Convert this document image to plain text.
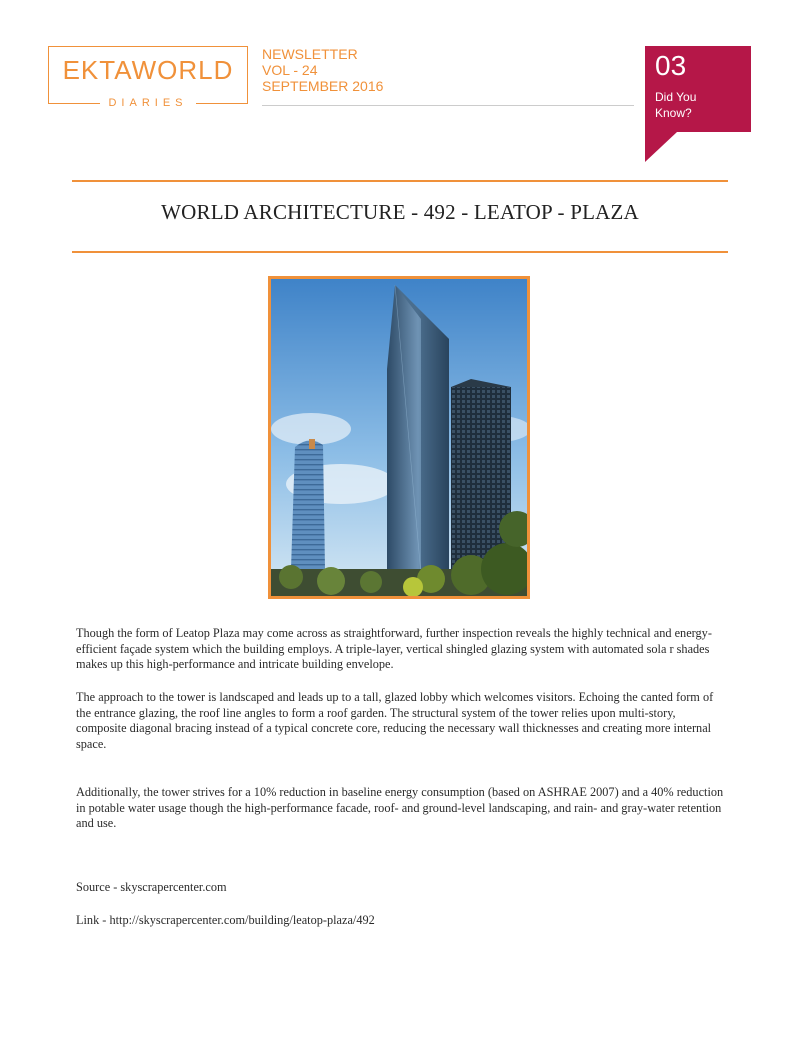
EKTAWORLD
DIARIES
NEWSLETTER
VOL - 24
SEPTEMBER 2016
03
Did You
Know?
WORLD ARCHITECTURE - 492 - LEATOP - PLAZA

Though the form of Leatop Plaza may come across as straightforward, further inspection reveals the highly technical and energy-efficient façade system which the building employs. A triple-layer, vertical shingled glazing system with automated sola r shades makes up this high-performance and intricate building envelope.

The approach to the tower is landscaped and leads up to a tall, glazed lobby which welcomes visitors. Echoing the canted form of the entrance glazing, the roof line angles to form a roof garden. The structural system of the tower relies upon multi-story, composite diagonal bracing instead of a typical concrete core, reducing the necessary wall thicknesses and creating more internal space.

Additionally, the tower strives for a 10% reduction in baseline energy consumption (based on ASHRAE 2007) and a 40% reduction in potable water usage though the high-performance facade, roof- and ground-level landscaping, and rain- and gray-water retention and use.

Source - skyscrapercenter.com

Link - http://skyscrapercenter.com/building/leatop-plaza/492
